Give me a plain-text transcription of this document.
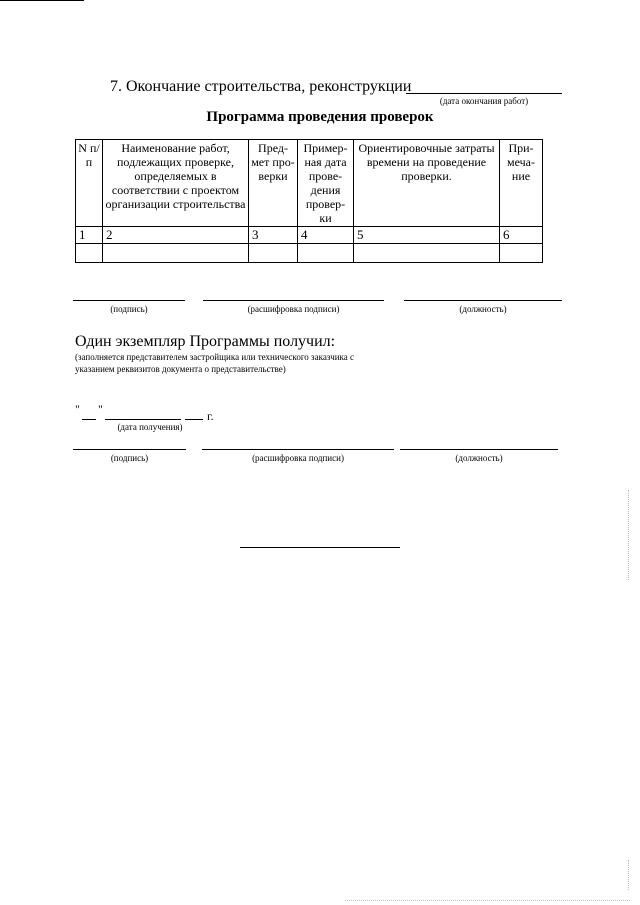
7. Окончание строительства, реконструкции
(дата окончания работ)
Программа проведения проверок
N п/п	Наименование работ, подлежащих проверке, определяемых в соответствии с проектом организации строительства	Пред-мет про-верки	Пример-ная дата прове-дения провер-ки	Ориентировочные затраты времени на проведение проверки.	При-меча-ние
1	2	3	4	5	6

(подпись)	(расшифровка подписи)	(должность)
Один экземпляр Программы получил:
(заполняется представителем застройщика или технического заказчика с указанием реквизитов документа о представительстве)
" "	г.
(дата получения)
(подпись)	(расшифровка подписи)	(должность)
